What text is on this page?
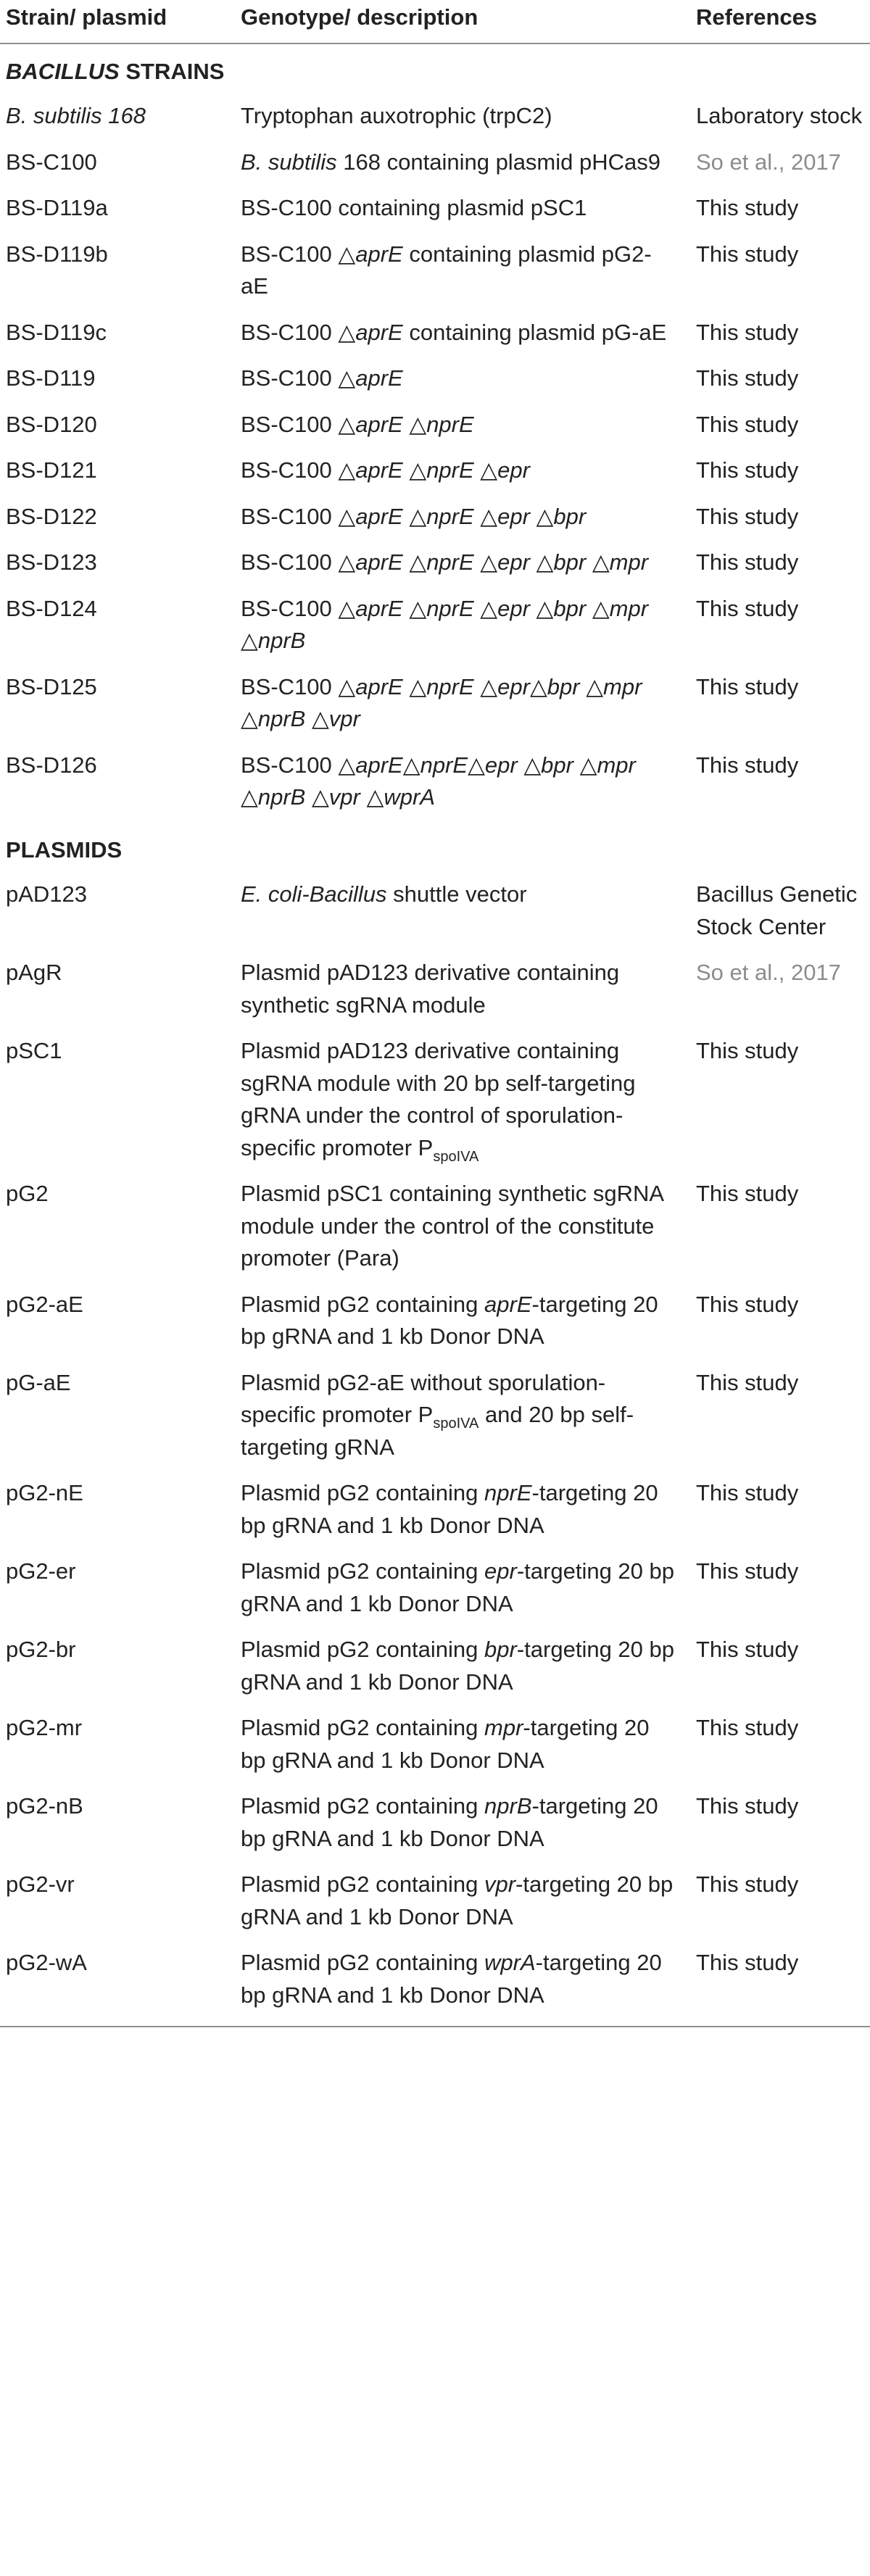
Strain/ plasmid	Genotype/ description	References
BACILLUS STRAINS		
B. subtilis 168	Tryptophan auxotrophic (trpC2)	Laboratory stock
BS-C100	B. subtilis 168 containing plasmid pHCas9	So et al., 2017
BS-D119a	BS-C100 containing plasmid pSC1	This study
BS-D119b	BS-C100 △aprE containing plasmid pG2-aE	This study
BS-D119c	BS-C100 △aprE containing plasmid pG-aE	This study
BS-D119	BS-C100 △aprE	This study
BS-D120	BS-C100 △aprE △nprE	This study
BS-D121	BS-C100 △aprE △nprE △epr	This study
BS-D122	BS-C100 △aprE △nprE △epr △bpr	This study
BS-D123	BS-C100 △aprE △nprE △epr △bpr △mpr	This study
BS-D124	BS-C100 △aprE △nprE △epr △bpr △mpr △nprB	This study
BS-D125	BS-C100 △aprE △nprE △epr△bpr △mpr △nprB △vpr	This study
BS-D126	BS-C100 △aprE△nprE△epr △bpr △mpr △nprB △vpr △wprA	This study
PLASMIDS		
pAD123	E. coli-Bacillus shuttle vector	Bacillus Genetic Stock Center
pAgR	Plasmid pAD123 derivative containing synthetic sgRNA module	So et al., 2017
pSC1	Plasmid pAD123 derivative containing sgRNA module with 20 bp self-targeting gRNA under the control of sporulation-specific promoter $P_{spoIVA}$	This study
pG2	Plasmid pSC1 containing synthetic sgRNA module under the control of the constitute promoter (Para)	This study
pG2-aE	Plasmid pG2 containing aprE-targeting 20 bp gRNA and 1 kb Donor DNA	This study
pG-aE	Plasmid pG2-aE without sporulation-specific promoter $P_{spoIVA}$ and 20 bp self-targeting gRNA	This study
pG2-nE	Plasmid pG2 containing nprE-targeting 20 bp gRNA and 1 kb Donor DNA	This study
pG2-er	Plasmid pG2 containing epr-targeting 20 bp gRNA and 1 kb Donor DNA	This study
pG2-br	Plasmid pG2 containing bpr-targeting 20 bp gRNA and 1 kb Donor DNA	This study
pG2-mr	Plasmid pG2 containing mpr-targeting 20 bp gRNA and 1 kb Donor DNA	This study
pG2-nB	Plasmid pG2 containing nprB-targeting 20 bp gRNA and 1 kb Donor DNA	This study
pG2-vr	Plasmid pG2 containing vpr-targeting 20 bp gRNA and 1 kb Donor DNA	This study
pG2-wA	Plasmid pG2 containing wprA-targeting 20 bp gRNA and 1 kb Donor DNA	This study
